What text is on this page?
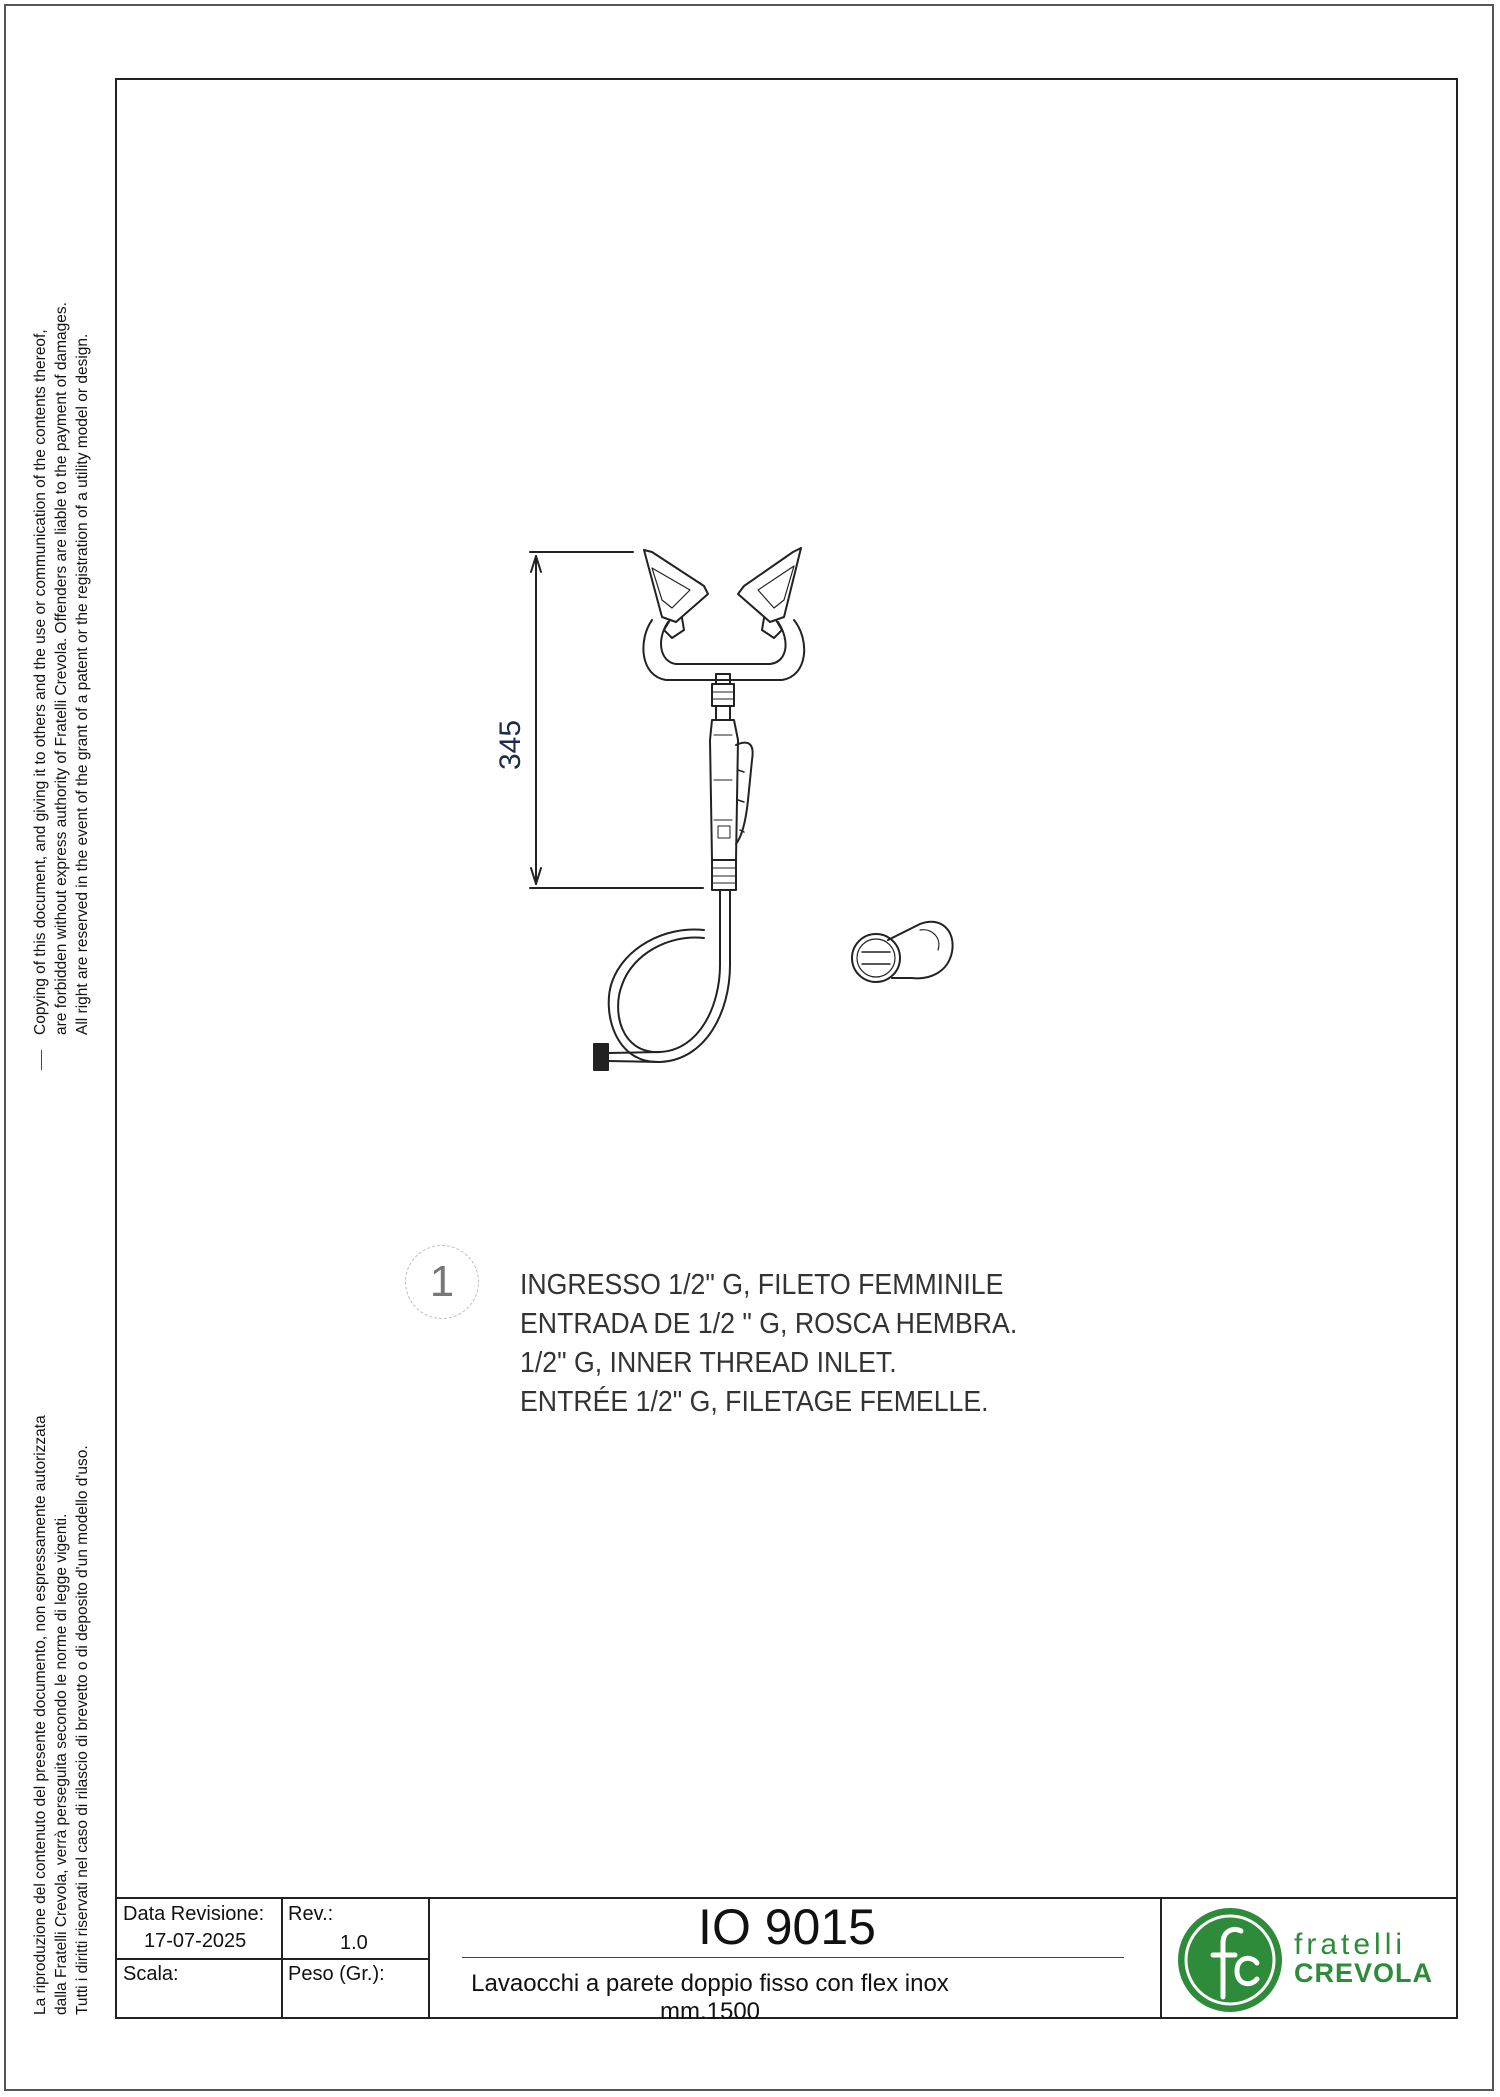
Copying of this document, and giving it to others and the use or communication of the contents thereof, are forbidden without express authority of Fratelli Crevola. Offenders are liable to the payment of damages. All right are reserved in the event of the grant of a patent or the registration of a utility model or design.
La riproduzione del contenuto del presente documento, non espressamente autorizzata dalla Fratelli Crevola, verrà perseguita secondo le norme di legge vigenti. Tutti i diritti riservati nel caso di rilascio di brevetto o di deposito d'un modello d'uso.
345
1	INGRESSO 1/2" G, FILETO FEMMINILE
ENTRADA DE 1/2 " G, ROSCA HEMBRA.
1/2" G, INNER THREAD INLET.
ENTRÉE 1/2" G, FILETAGE FEMELLE.
Data Revisione:
17-07-2025
Rev.:
1.0
Scala:	Peso (Gr.):
IO 9015
Lavaocchi a parete doppio fisso con flex inox mm.1500
fratelli
CREVOLA
